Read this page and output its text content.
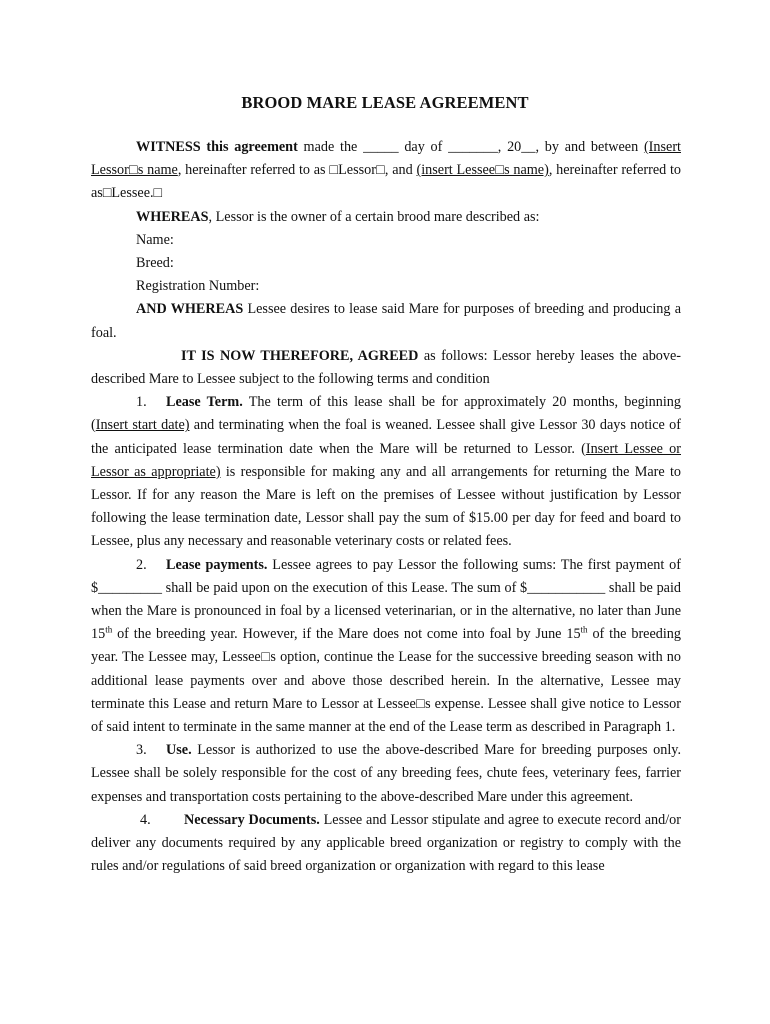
BROOD MARE LEASE AGREEMENT

WITNESS this agreement made the _____ day of _______, 20__, by and between (Insert Lessor□s name, hereinafter referred to as □Lessor□, and (insert Lessee□s name), hereinafter referred to as□Lessee.□

WHEREAS, Lessor is the owner of a certain brood mare described as:

Name:

Breed:

Registration Number:

AND WHEREAS Lessee desires to lease said Mare for purposes of breeding and producing a foal.

IT IS NOW THEREFORE, AGREED as follows: Lessor hereby leases the above-described Mare to Lessee subject to the following terms and condition

1. Lease Term. The term of this lease shall be for approximately 20 months, beginning (Insert start date) and terminating when the foal is weaned. Lessee shall give Lessor 30 days notice of the anticipated lease termination date when the Mare will be returned to Lessor. (Insert Lessee or Lessor as appropriate) is responsible for making any and all arrangements for returning the Mare to Lessor. If for any reason the Mare is left on the premises of Lessee without justification by Lessor following the lease termination date, Lessor shall pay the sum of $15.00 per day for feed and board to Lessee, plus any necessary and reasonable veterinary costs or related fees.

2. Lease payments. Lessee agrees to pay Lessor the following sums: The first payment of $_________ shall be paid upon on the execution of this Lease. The sum of $___________ shall be paid when the Mare is pronounced in foal by a licensed veterinarian, or in the alternative, no later than June 15th of the breeding year. However, if the Mare does not come into foal by June 15th of the breeding year. The Lessee may, Lessee□s option, continue the Lease for the successive breeding season with no additional lease payments over and above those described herein. In the alternative, Lessee may terminate this Lease and return Mare to Lessor at Lessee□s expense. Lessee shall give notice to Lessor of said intent to terminate in the same manner at the end of the Lease term as described in Paragraph 1.

3. Use. Lessor is authorized to use the above-described Mare for breeding purposes only. Lessee shall be solely responsible for the cost of any breeding fees, chute fees, veterinary fees, farrier expenses and transportation costs pertaining to the above-described Mare under this agreement.

4. Necessary Documents. Lessee and Lessor stipulate and agree to execute record and/or deliver any documents required by any applicable breed organization or registry to comply with the rules and/or regulations of said breed organization or organization with regard to this lease
